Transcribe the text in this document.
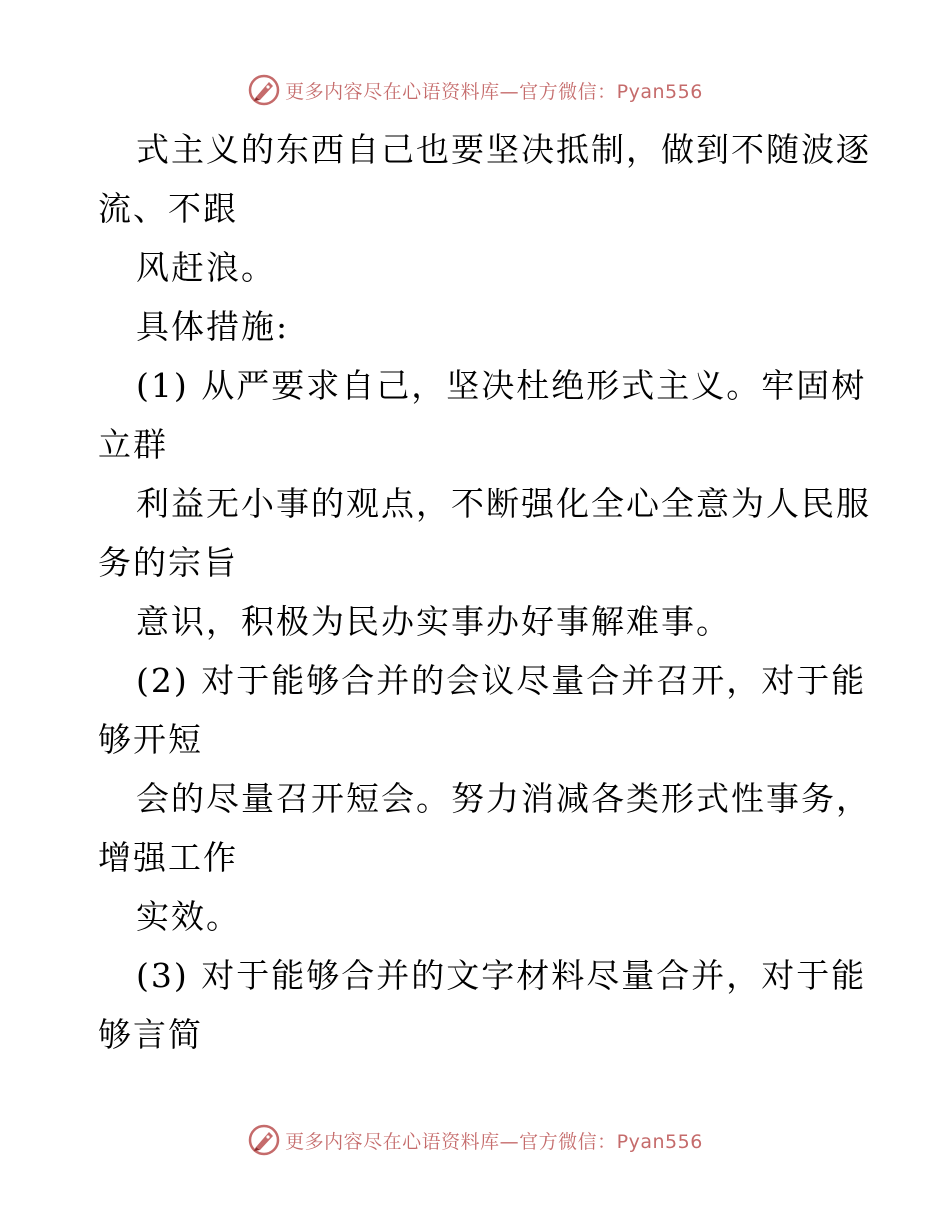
更多内容尽在心语资料库—官方微信：Pyan556
式主义的东西自己也要坚决抵制，做到不随波逐
流、不跟
风赶浪。
具体措施:
(1) 从严要求自己，坚决杜绝形式主义。牢固树
立群
利益无小事的观点，不断强化全心全意为人民服
务的宗旨
意识，积极为民办实事办好事解难事。
(2) 对于能够合并的会议尽量合并召开，对于能
够开短
会的尽量召开短会。努力消减各类形式性事务，
增强工作
实效。
(3) 对于能够合并的文字材料尽量合并，对于能
够言简
更多内容尽在心语资料库—官方微信：Pyan556
